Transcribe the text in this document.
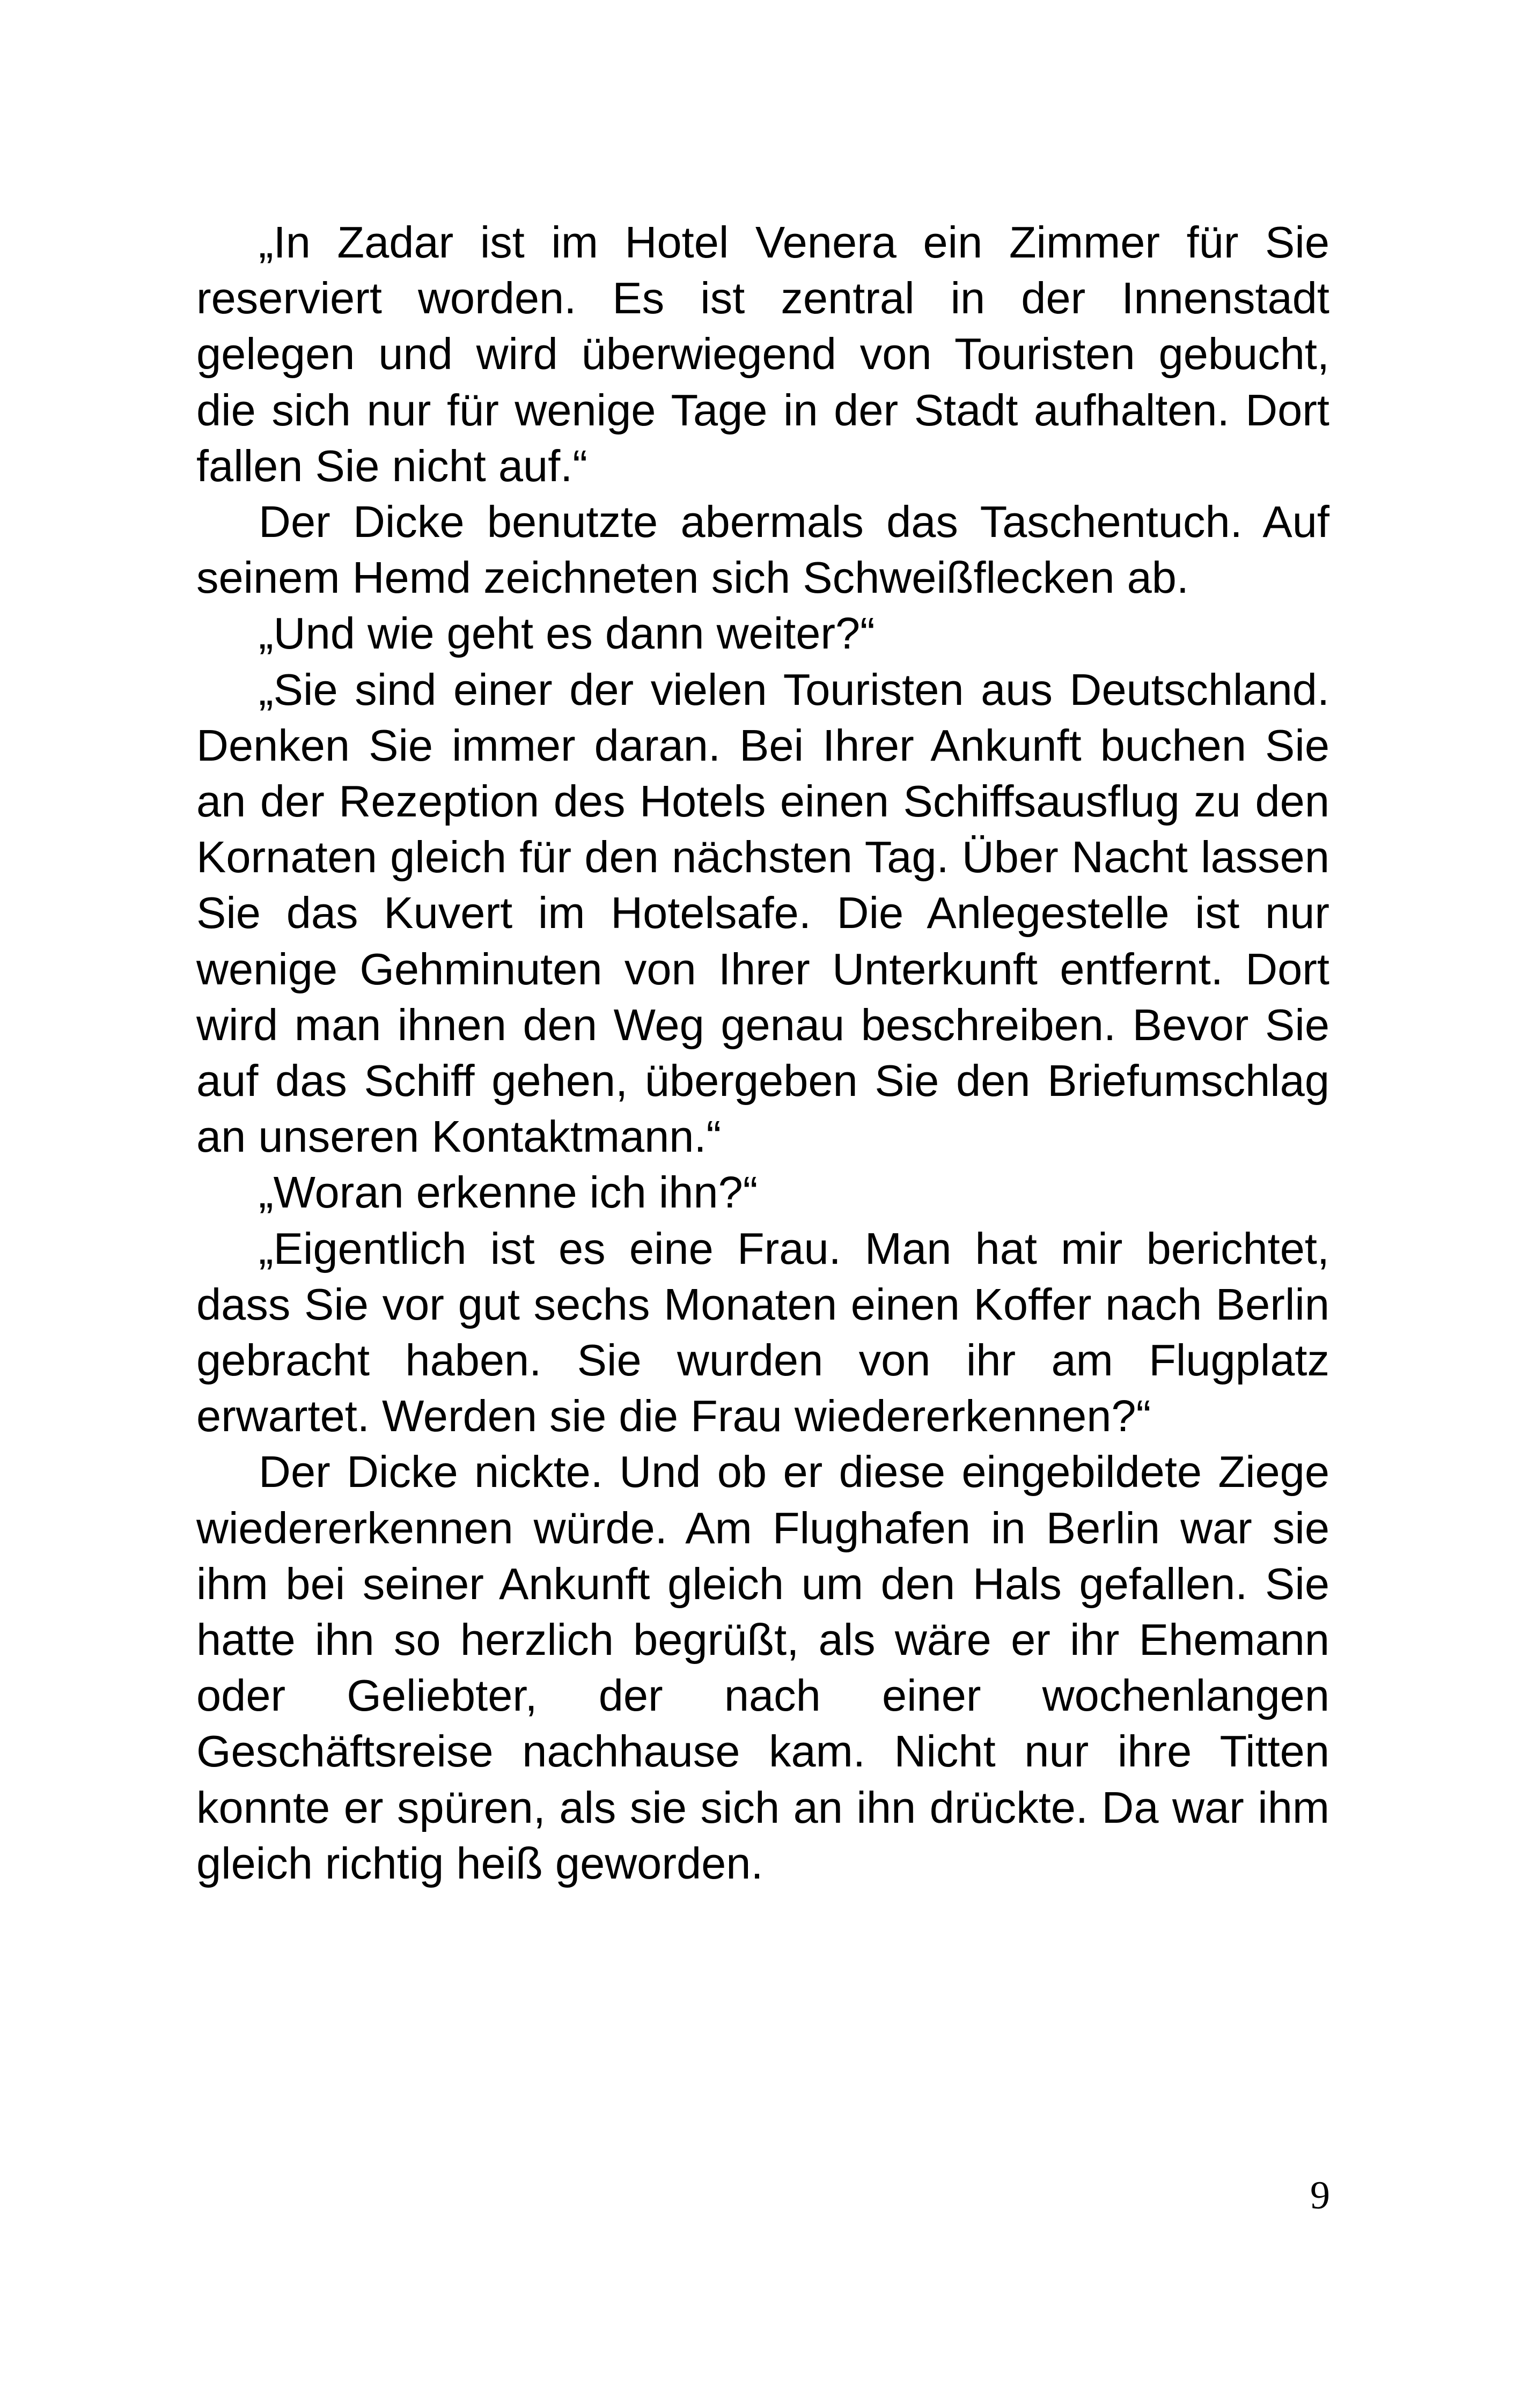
„In Zadar ist im Hotel Venera ein Zimmer für Sie reserviert worden. Es ist zentral in der Innenstadt gelegen und wird überwiegend von Touristen gebucht, die sich nur für wenige Tage in der Stadt aufhalten. Dort fallen Sie nicht auf.“

Der Dicke benutzte abermals das Taschentuch. Auf seinem Hemd zeichneten sich Schweißflecken ab.

„Und wie geht es dann weiter?“

„Sie sind einer der vielen Touristen aus Deutschland. Denken Sie immer daran. Bei Ihrer Ankunft buchen Sie an der Rezeption des Hotels einen Schiffsausflug zu den Kornaten gleich für den nächsten Tag. Über Nacht lassen Sie das Kuvert im Hotelsafe. Die Anlegestelle ist nur wenige Gehminuten von Ihrer Unterkunft entfernt. Dort wird man ihnen den Weg genau beschreiben. Bevor Sie auf das Schiff gehen, übergeben Sie den Briefumschlag an unseren Kontaktmann.“

„Woran erkenne ich ihn?“

„Eigentlich ist es eine Frau. Man hat mir berichtet, dass Sie vor gut sechs Monaten einen Koffer nach Berlin gebracht haben. Sie wurden von ihr am Flugplatz erwartet. Werden sie die Frau wiedererkennen?“

Der Dicke nickte. Und ob er diese eingebildete Ziege wiedererkennen würde. Am Flughafen in Berlin war sie ihm bei seiner Ankunft gleich um den Hals gefallen. Sie hatte ihn so herzlich begrüßt, als wäre er ihr Ehemann oder Geliebter, der nach einer wochenlangen Geschäftsreise nachhause kam. Nicht nur ihre Titten konnte er spüren, als sie sich an ihn drückte. Da war ihm gleich richtig heiß geworden.

9
